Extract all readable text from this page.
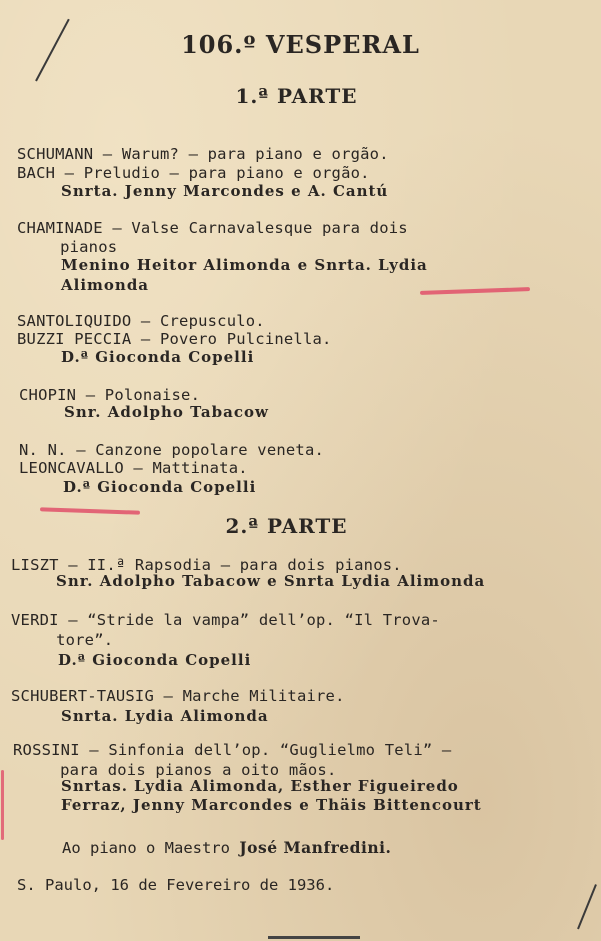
106.º VESPERAL
1.ª PARTE
SCHUMANN — Warum? — para piano e orgão.
BACH — Preludio — para piano e orgão.
Snrta. Jenny Marcondes e A. Cantú
CHAMINADE — Valse Carnavalesque para dois
pianos
Menino Heitor Alimonda e Snrta. Lydia
Alimonda
SANTOLIQUIDO — Crepusculo.
BUZZI PECCIA — Povero Pulcinella.
D.ª Gioconda Copelli
CHOPIN — Polonaise.
Snr. Adolpho Tabacow
N. N. — Canzone popolare veneta.
LEONCAVALLO — Mattinata.
D.ª Gioconda Copelli
2.ª PARTE
LISZT — II.ª Rapsodia — para dois pianos.
Snr. Adolpho Tabacow e Snrta Lydia Alimonda
VERDI — “Stride la vampa” dell’op. “Il Trova-
tore”.
D.ª Gioconda Copelli
SCHUBERT-TAUSIG — Marche Militaire.
Snrta. Lydia Alimonda
ROSSINI — Sinfonia dell’op. “Guglielmo Teli” —
para dois pianos a oito mãos.
Snrtas. Lydia Alimonda, Esther Figueiredo
Ferraz, Jenny Marcondes e Thäis Bittencourt
Ao piano o Maestro José Manfredini.
S. Paulo, 16 de Fevereiro de 1936.
